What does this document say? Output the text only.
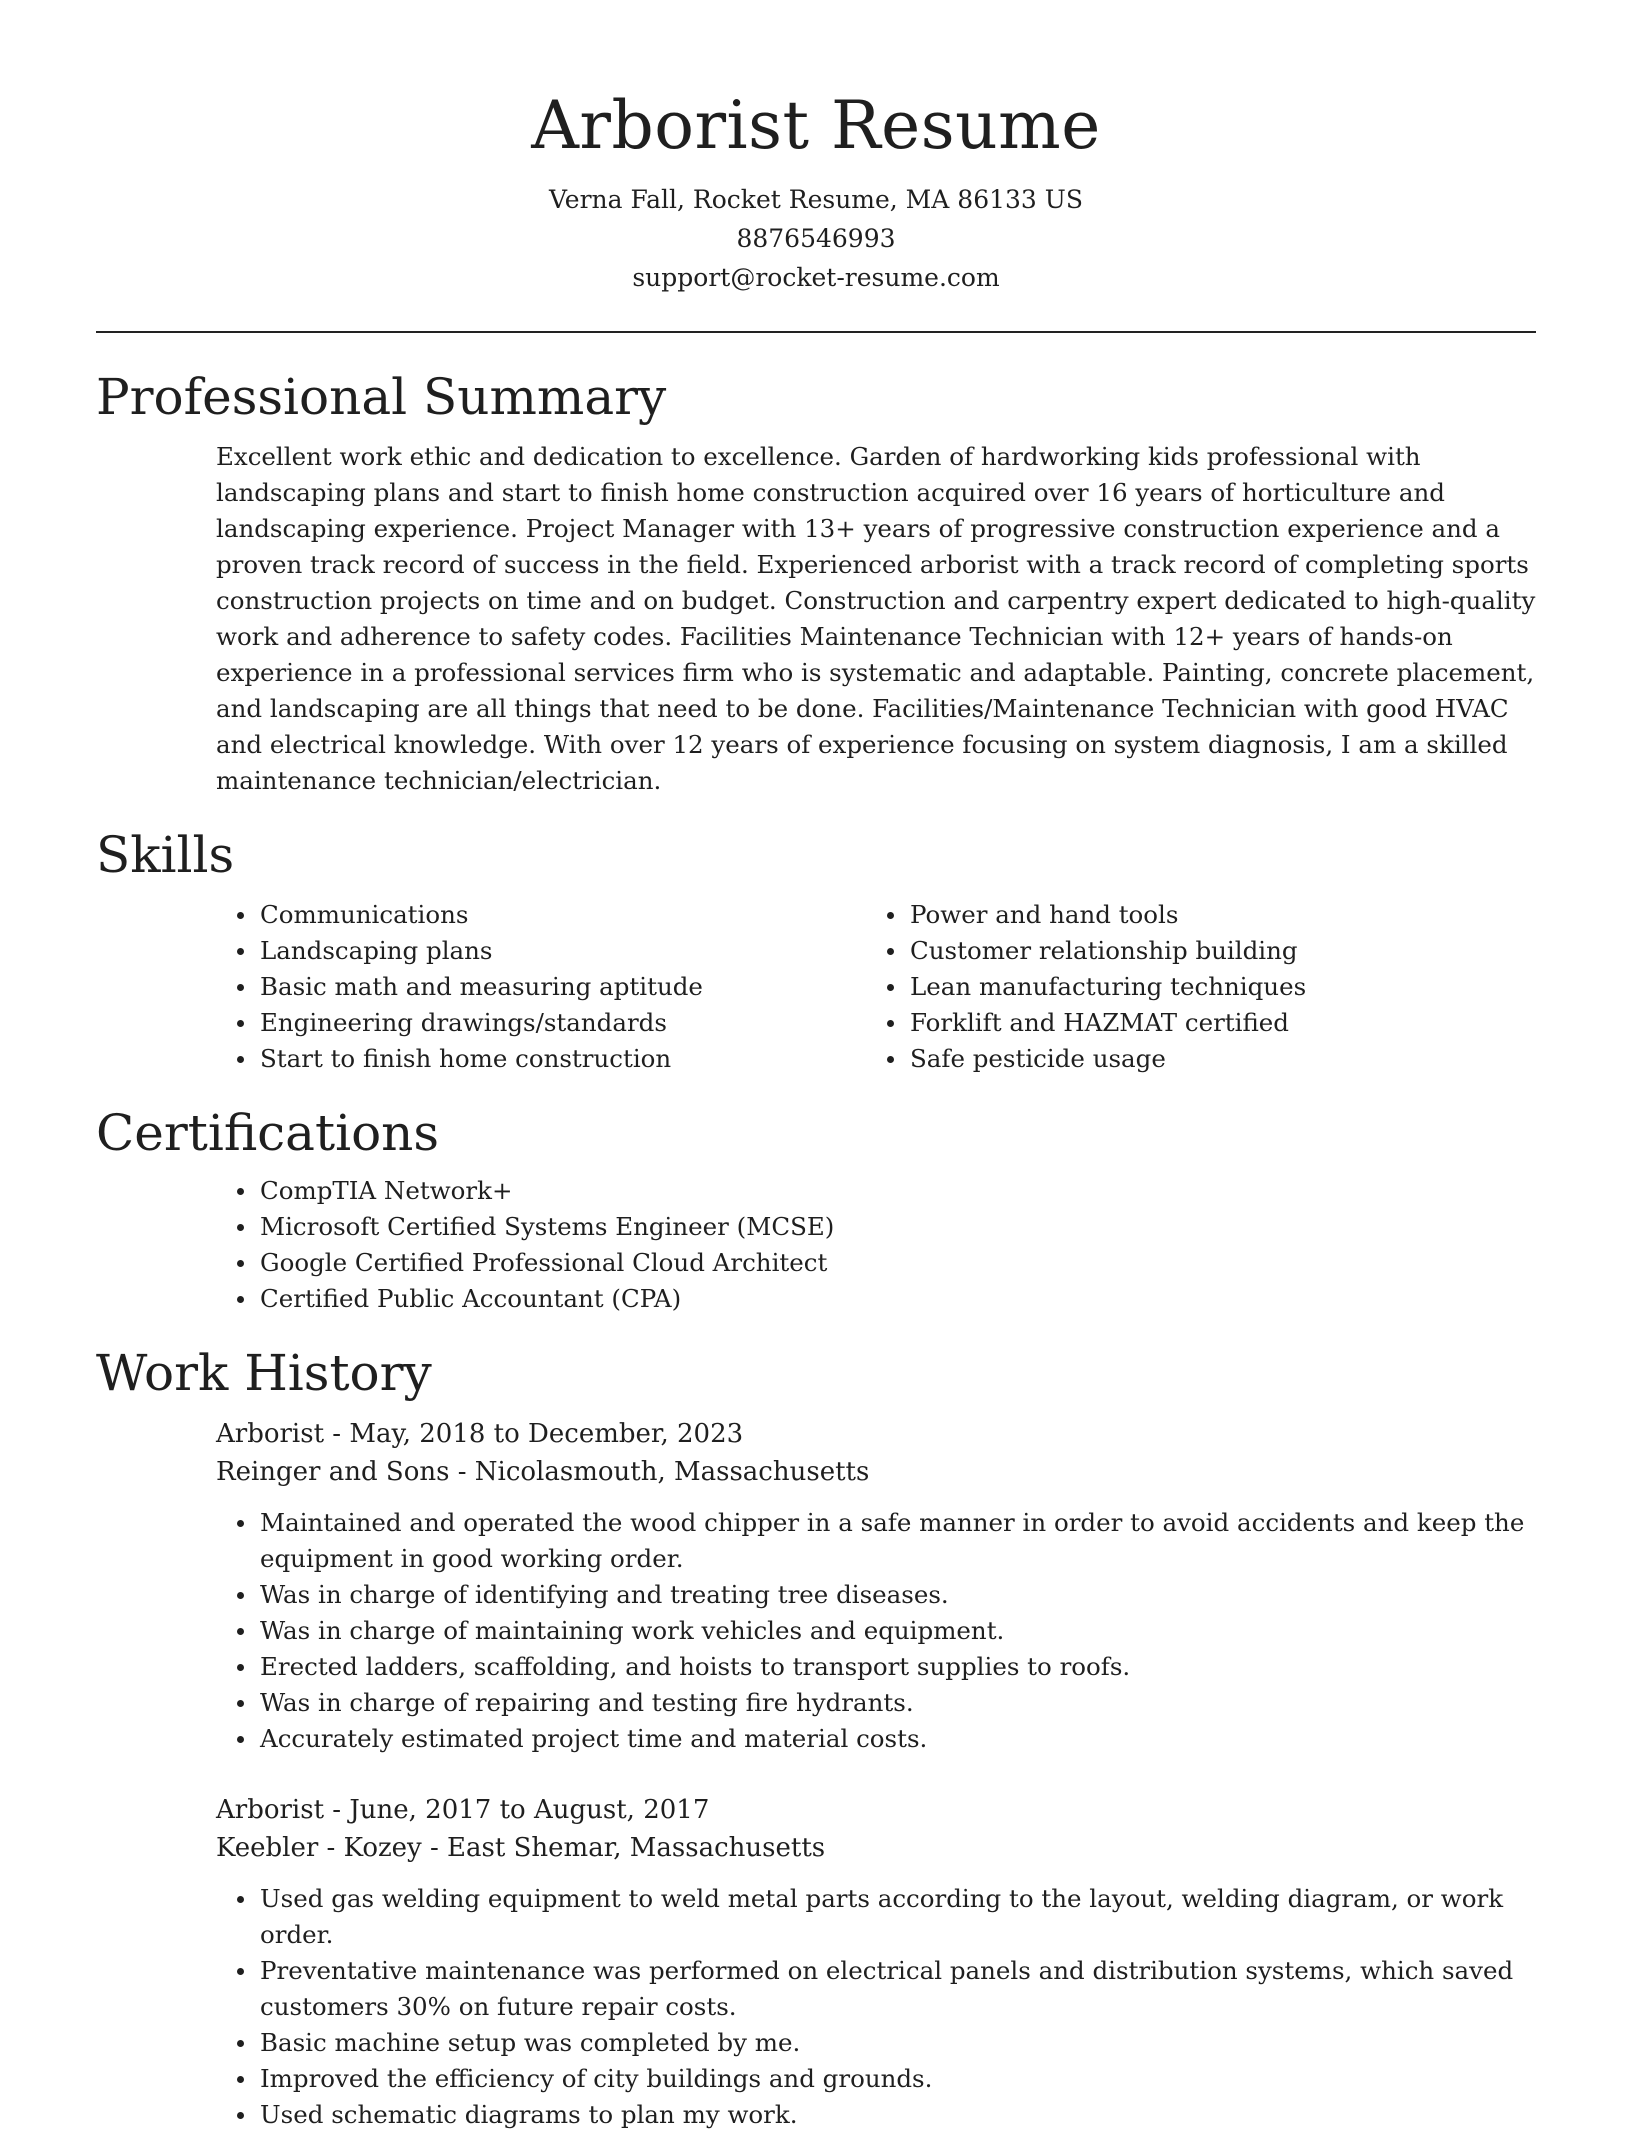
Arborist Resume
Verna Fall, Rocket Resume, MA 86133 US
8876546993
support@rocket-resume.com
Professional Summary

Excellent work ethic and dedication to excellence. Garden of hardworking kids professional with landscaping plans and start to finish home construction acquired over 16 years of horticulture and landscaping experience. Project Manager with 13+ years of progressive construction experience and a proven track record of success in the field. Experienced arborist with a track record of completing sports construction projects on time and on budget. Construction and carpentry expert dedicated to high-quality work and adherence to safety codes. Facilities Maintenance Technician with 12+ years of hands-on experience in a professional services firm who is systematic and adaptable. Painting, concrete placement, and landscaping are all things that need to be done. Facilities/Maintenance Technician with good HVAC and electrical knowledge. With over 12 years of experience focusing on system diagnosis, I am a skilled maintenance technician/electrician.

Skills
Communications
Landscaping plans
Basic math and measuring aptitude
Engineering drawings/standards
Start to finish home construction
Power and hand tools
Customer relationship building
Lean manufacturing techniques
Forklift and HAZMAT certified
Safe pesticide usage
Certifications
CompTIA Network+
Microsoft Certified Systems Engineer (MCSE)
Google Certified Professional Cloud Architect
Certified Public Accountant (CPA)
Work History
Arborist - May, 2018 to December, 2023
Reinger and Sons - Nicolasmouth, Massachusetts
Maintained and operated the wood chipper in a safe manner in order to avoid accidents and keep the equipment in good working order.
Was in charge of identifying and treating tree diseases.
Was in charge of maintaining work vehicles and equipment.
Erected ladders, scaffolding, and hoists to transport supplies to roofs.
Was in charge of repairing and testing fire hydrants.
Accurately estimated project time and material costs.
Arborist - June, 2017 to August, 2017
Keebler - Kozey - East Shemar, Massachusetts
Used gas welding equipment to weld metal parts according to the layout, welding diagram, or work order.
Preventative maintenance was performed on electrical panels and distribution systems, which saved customers 30% on future repair costs.
Basic machine setup was completed by me.
Improved the efficiency of city buildings and grounds.
Used schematic diagrams to plan my work.
